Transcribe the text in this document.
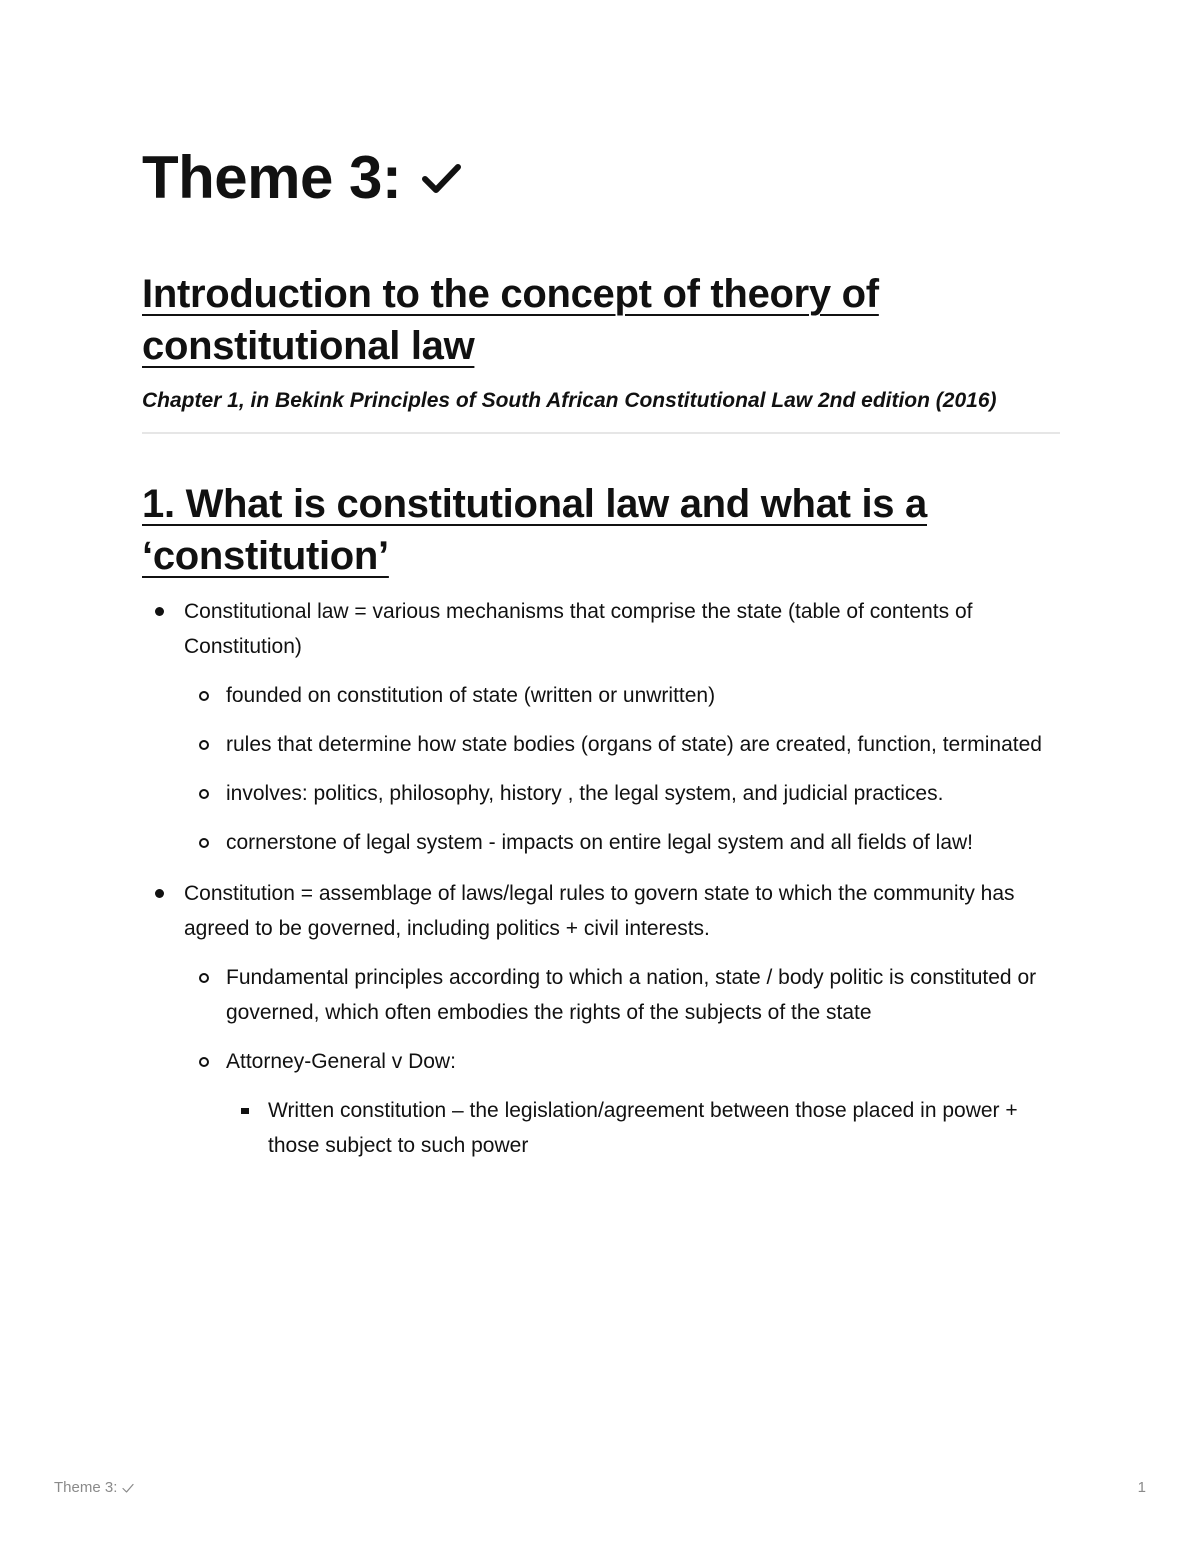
Theme 3:
Introduction to the concept of theory of constitutional law

Chapter 1, in Bekink Principles of South African Constitutional Law 2nd edition (2016)

1. What is constitutional law and what is a ‘constitution’
Constitutional law = various mechanisms that comprise the state (table of contents of Constitution)
founded on constitution of state (written or unwritten)
rules that determine how state bodies (organs of state) are created, function, terminated
involves: politics, philosophy, history , the legal system, and judicial practices.
cornerstone of legal system - impacts on entire legal system and all fields of law!
Constitution = assemblage of laws/legal rules to govern state to which the community has agreed to be governed, including politics + civil interests.
Fundamental principles according to which a nation, state / body politic is constituted or governed, which often embodies the rights of the subjects of the state
Attorney-General v Dow:
Written constitution – the legislation/agreement between those placed in power + those subject to such power
Theme 3:	1
